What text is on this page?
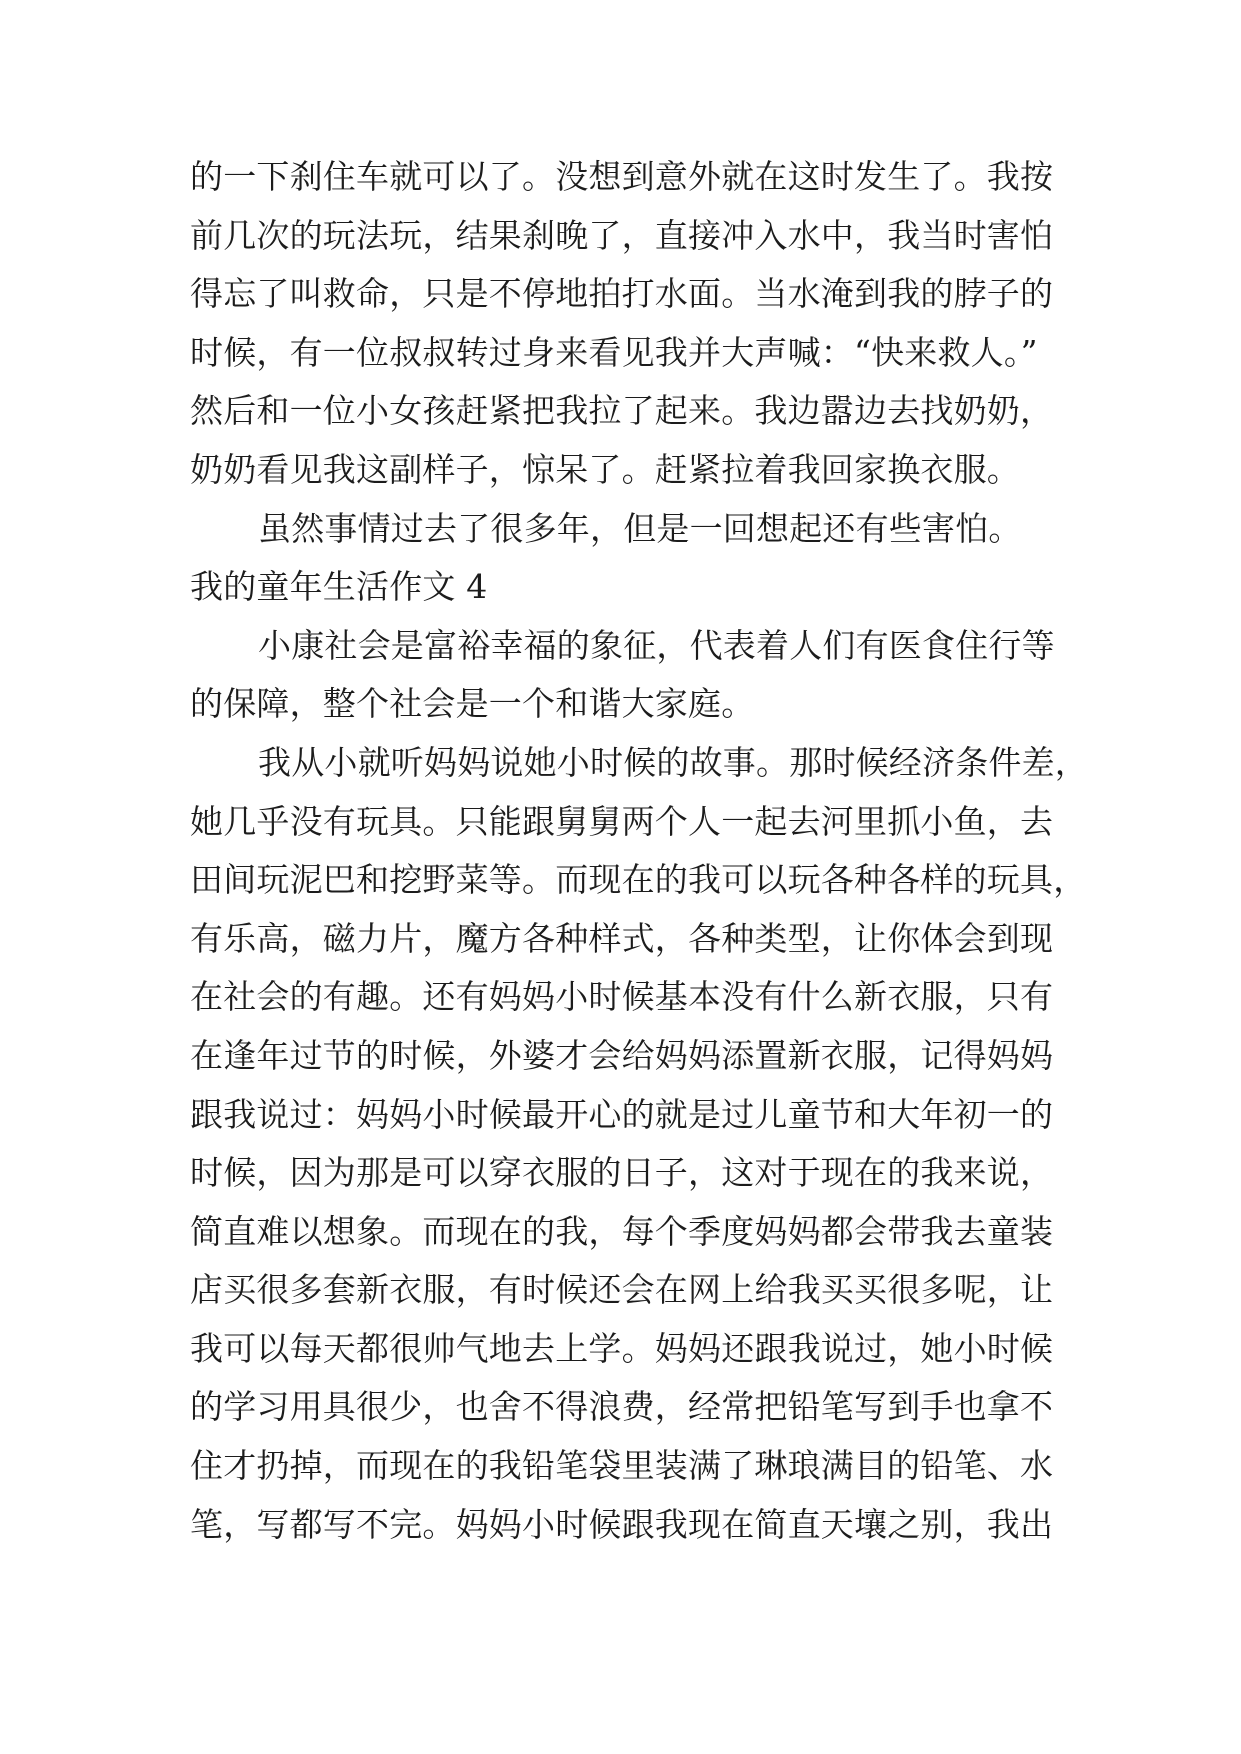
的一下刹住车就可以了。没想到意外就在这时发生了。我按
前几次的玩法玩，结果刹晚了，直接冲入水中，我当时害怕
得忘了叫救命，只是不停地拍打水面。当水淹到我的脖子的
时候，有一位叔叔转过身来看见我并大声喊：“快来救人。”
然后和一位小女孩赶紧把我拉了起来。我边嚣边去找奶奶，
奶奶看见我这副样子，惊呆了。赶紧拉着我回家换衣服。
虽然事情过去了很多年，但是一回想起还有些害怕。
我的童年生活作文 4
小康社会是富裕幸福的象征，代表着人们有医食住行等
的保障，整个社会是一个和谐大家庭。
我从小就听妈妈说她小时候的故事。那时候经济条件差，
她几乎没有玩具。只能跟舅舅两个人一起去河里抓小鱼，去
田间玩泥巴和挖野菜等。而现在的我可以玩各种各样的玩具，
有乐高，磁力片，魔方各种样式，各种类型，让你体会到现
在社会的有趣。还有妈妈小时候基本没有什么新衣服，只有
在逢年过节的时候，外婆才会给妈妈添置新衣服，记得妈妈
跟我说过：妈妈小时候最开心的就是过儿童节和大年初一的
时候，因为那是可以穿衣服的日子，这对于现在的我来说，
简直难以想象。而现在的我，每个季度妈妈都会带我去童装
店买很多套新衣服，有时候还会在网上给我买买很多呢，让
我可以每天都很帅气地去上学。妈妈还跟我说过，她小时候
的学习用具很少，也舍不得浪费，经常把铅笔写到手也拿不
住才扔掉，而现在的我铅笔袋里装满了琳琅满目的铅笔、水
笔，写都写不完。妈妈小时候跟我现在简直天壤之别，我出
